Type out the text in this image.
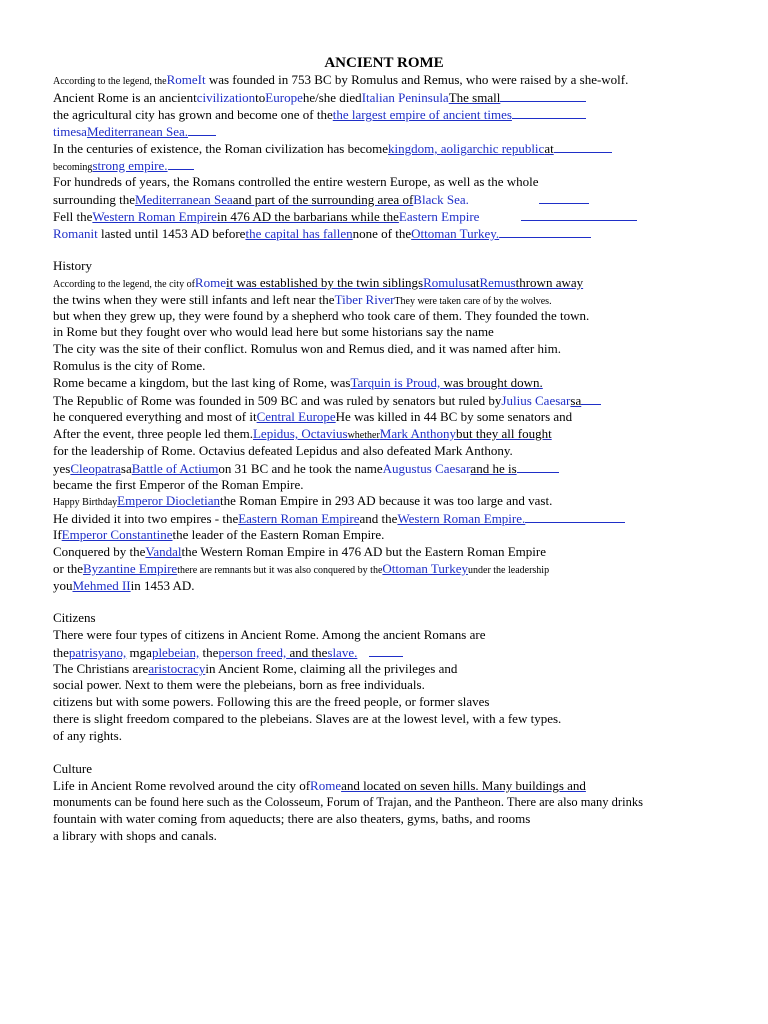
ANCIENT ROME
According to the legend, theRomeIt was founded in 753 BC by Romulus and Remus, who were raised by a she-wolf.
Ancient Rome is an ancientcivilizationtoEuropehe/she diedItalian PeninsulaThe small
the agricultural city has grown and become one of thethe largest empire of ancient times
timesaMediterranean Sea.
In the centuries of existence, the Roman civilization has becomekingdom, aoligarchic republicat
becomingstrong empire.
For hundreds of years, the Romans controlled the entire western Europe, as well as the whole
surrounding theMediterranean Seaand part of the surrounding area ofBlack Sea.
Fell theWestern Roman Empirein 476 AD the barbarians while theEastern Empire
Romanit lasted until 1453 AD beforethe capital has fallennone of theOttoman Turkey.
History
According to the legend, the city ofRomeit was established by the twin siblingsRomulusatRemusthrown away
the twins when they were still infants and left near theTiber RiverThey were taken care of by the wolves.
but when they grew up, they were found by a shepherd who took care of them. They founded the town.
in Rome but they fought over who would lead here but some historians say the name
The city was the site of their conflict. Romulus won and Remus died, and it was named after him.
Romulus is the city of Rome.
Rome became a kingdom, but the last king of Rome, wasTarquin is Proud, was brought down.
The Republic of Rome was founded in 509 BC and was ruled by senators but ruled byJulius Caesarsa
he conquered everything and most of itCentral EuropeHe was killed in 44 BC by some senators and
After the event, three people led them.Lepidus, OctaviuswhetherMark Anthonybut they all fought
for the leadership of Rome. Octavius defeated Lepidus and also defeated Mark Anthony.
yesCleopatrasaBattle of Actiumon 31 BC and he took the nameAugustus Caesarand he is
became the first Emperor of the Roman Empire.
Happy BirthdayEmperor Diocletianthe Roman Empire in 293 AD because it was too large and vast.
He divided it into two empires - theEastern Roman Empireand theWestern Roman Empire.
IfEmperor Constantinethe leader of the Eastern Roman Empire.
Conquered by theVandalthe Western Roman Empire in 476 AD but the Eastern Roman Empire
or theByzantine Empirethere are remnants but it was also conquered by theOttoman Turkeyunder the leadership
youMehmed IIin 1453 AD.
Citizens
There were four types of citizens in Ancient Rome. Among the ancient Romans are
thepatrisyano, mgaplebeian, theperson freed, and theslave.
The Christians arearistocracyin Ancient Rome, claiming all the privileges and
social power. Next to them were the plebeians, born as free individuals.
citizens but with some powers. Following this are the freed people, or former slaves
there is slight freedom compared to the plebeians. Slaves are at the lowest level, with a few types.
of any rights.
Culture
Life in Ancient Rome revolved around the city ofRomeand located on seven hills. Many buildings and
monuments can be found here such as the Colosseum, Forum of Trajan, and the Pantheon. There are also many drinks
fountain with water coming from aqueducts; there are also theaters, gyms, baths, and rooms
a library with shops and canals.
